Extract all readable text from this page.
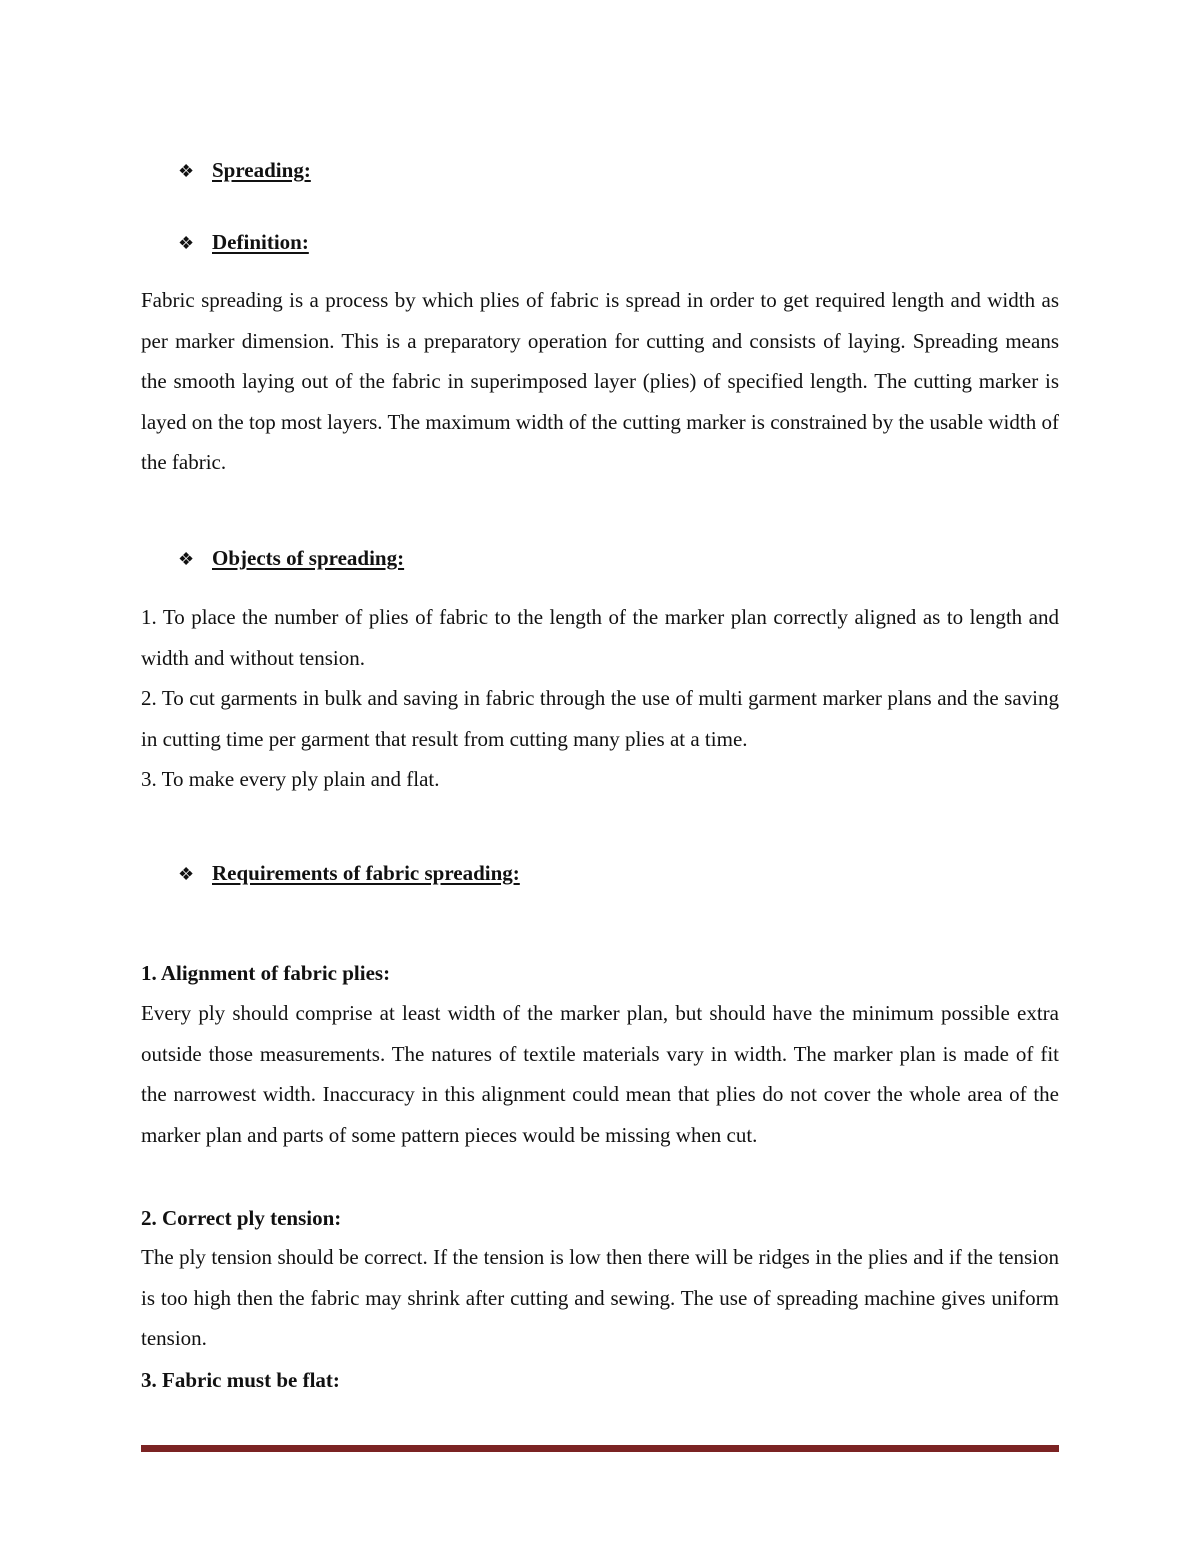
❖ Spreading:
❖ Definition:

Fabric spreading is a process by which plies of fabric is spread in order to get required length and width as per marker dimension. This is a preparatory operation for cutting and consists of laying. Spreading means the smooth laying out of the fabric in superimposed layer (plies) of specified length. The cutting marker is layed on the top most layers. The maximum width of the cutting marker is constrained by the usable width of the fabric.

❖ Objects of spreading:

1. To place the number of plies of fabric to the length of the marker plan correctly aligned as to length and width and without tension.

2. To cut garments in bulk and saving in fabric through the use of multi garment marker plans and the saving in cutting time per garment that result from cutting many plies at a time.

3. To make every ply plain and flat.

❖ Requirements of fabric spreading:
1. Alignment of fabric plies:

Every ply should comprise at least width of the marker plan, but should have the minimum possible extra outside those measurements. The natures of textile materials vary in width. The marker plan is made of fit the narrowest width. Inaccuracy in this alignment could mean that plies do not cover the whole area of the marker plan and parts of some pattern pieces would be missing when cut.

2. Correct ply tension:

The ply tension should be correct. If the tension is low then there will be ridges in the plies and if the tension is too high then the fabric may shrink after cutting and sewing. The use of spreading machine gives uniform tension.

3. Fabric must be flat:
